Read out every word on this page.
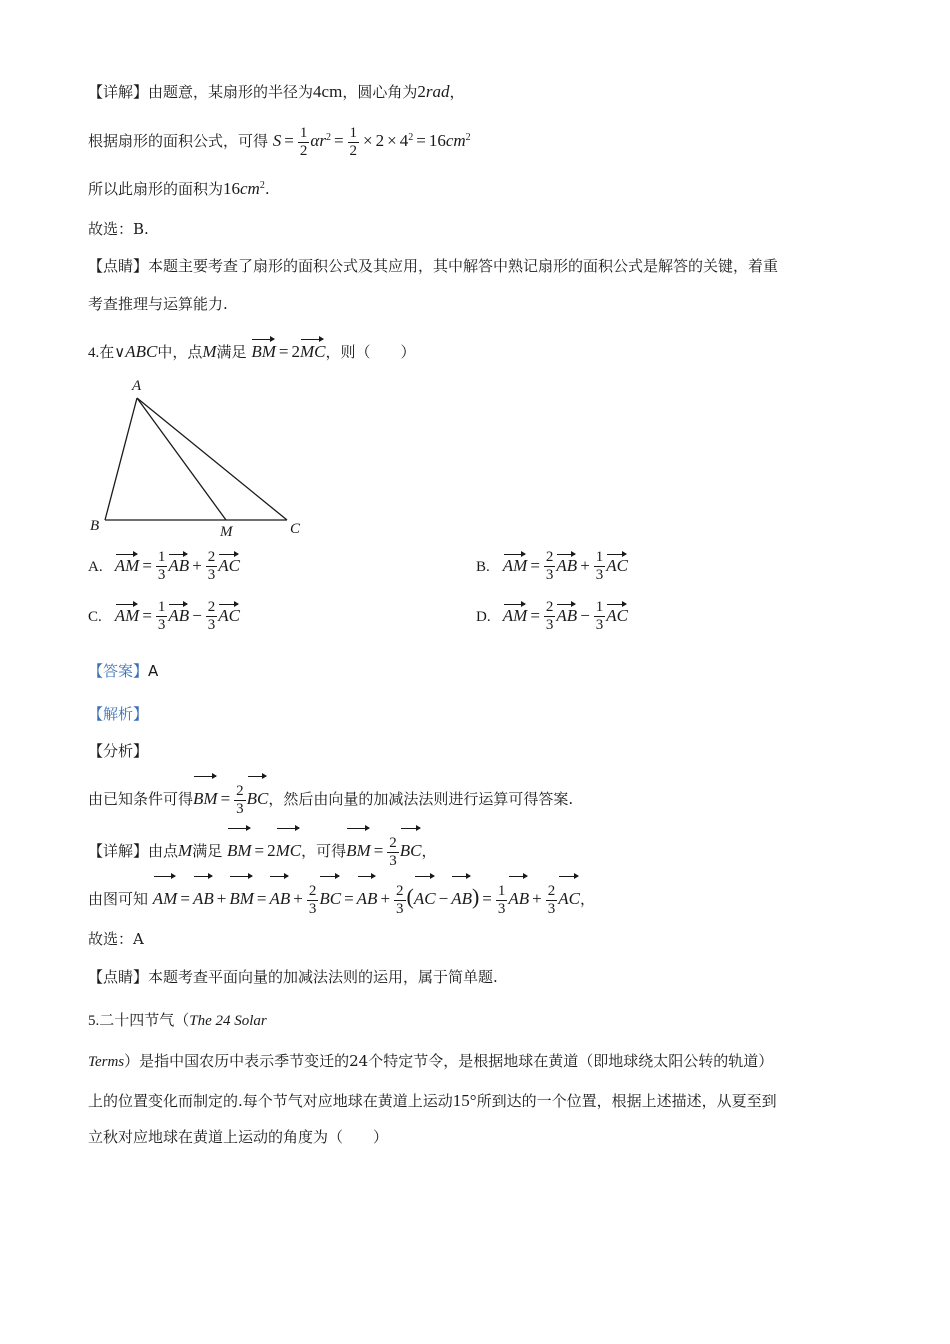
【详解】由题意，某扇形的半径为4cm，圆心角为2rad，
根据扇形的面积公式，可得 $S = \frac{1}{2} \alpha r^2 = \frac{1}{2} \times 2 \times 4^2 = 16cm^2$
所以此扇形的面积为$16cm^2$.
故选：B.
【点睛】本题主要考查了扇形的面积公式及其应用，其中解答中熟记扇形的面积公式是解答的关键，着重
考查推理与运算能力.
4.在∨ABC中，点M满足 BM = 2MC，则（　　）
A
B	C
M
A. AM = $\frac{1}{3}$ AB + $\frac{2}{3}$ AC	B. AM = $\frac{2}{3}$ AB + $\frac{1}{3}$ AC
C. AM = $\frac{1}{3}$ AB − $\frac{2}{3}$ AC	D. AM = $\frac{2}{3}$ AB − $\frac{1}{3}$ AC
【答案】A
【解析】
【分析】
由已知条件可得BM = $\frac{2}{3}$ BC，然后由向量的加减法法则进行运算可得答案.
【详解】由点M满足 BM = 2MC，可得BM = $\frac{2}{3}$ BC，
由图可知 AM = AB + BM = AB + $\frac{2}{3}$ BC = AB + $\frac{2}{3} (AC - AB) = \frac{1}{3}$ AB + $\frac{2}{3}$ AC，
故选：A
【点睛】本题考查平面向量的加减法法则的运用，属于简单题.
5.二十四节气（The 24 Solar
Terms）是指中国农历中表示季节变迁的24个特定节令，是根据地球在黄道（即地球绕太阳公转的轨道）
上的位置变化而制定的.每个节气对应地球在黄道上运动15°所到达的一个位置，根据上述描述，从夏至到
立秋对应地球在黄道上运动的角度为（　　）
